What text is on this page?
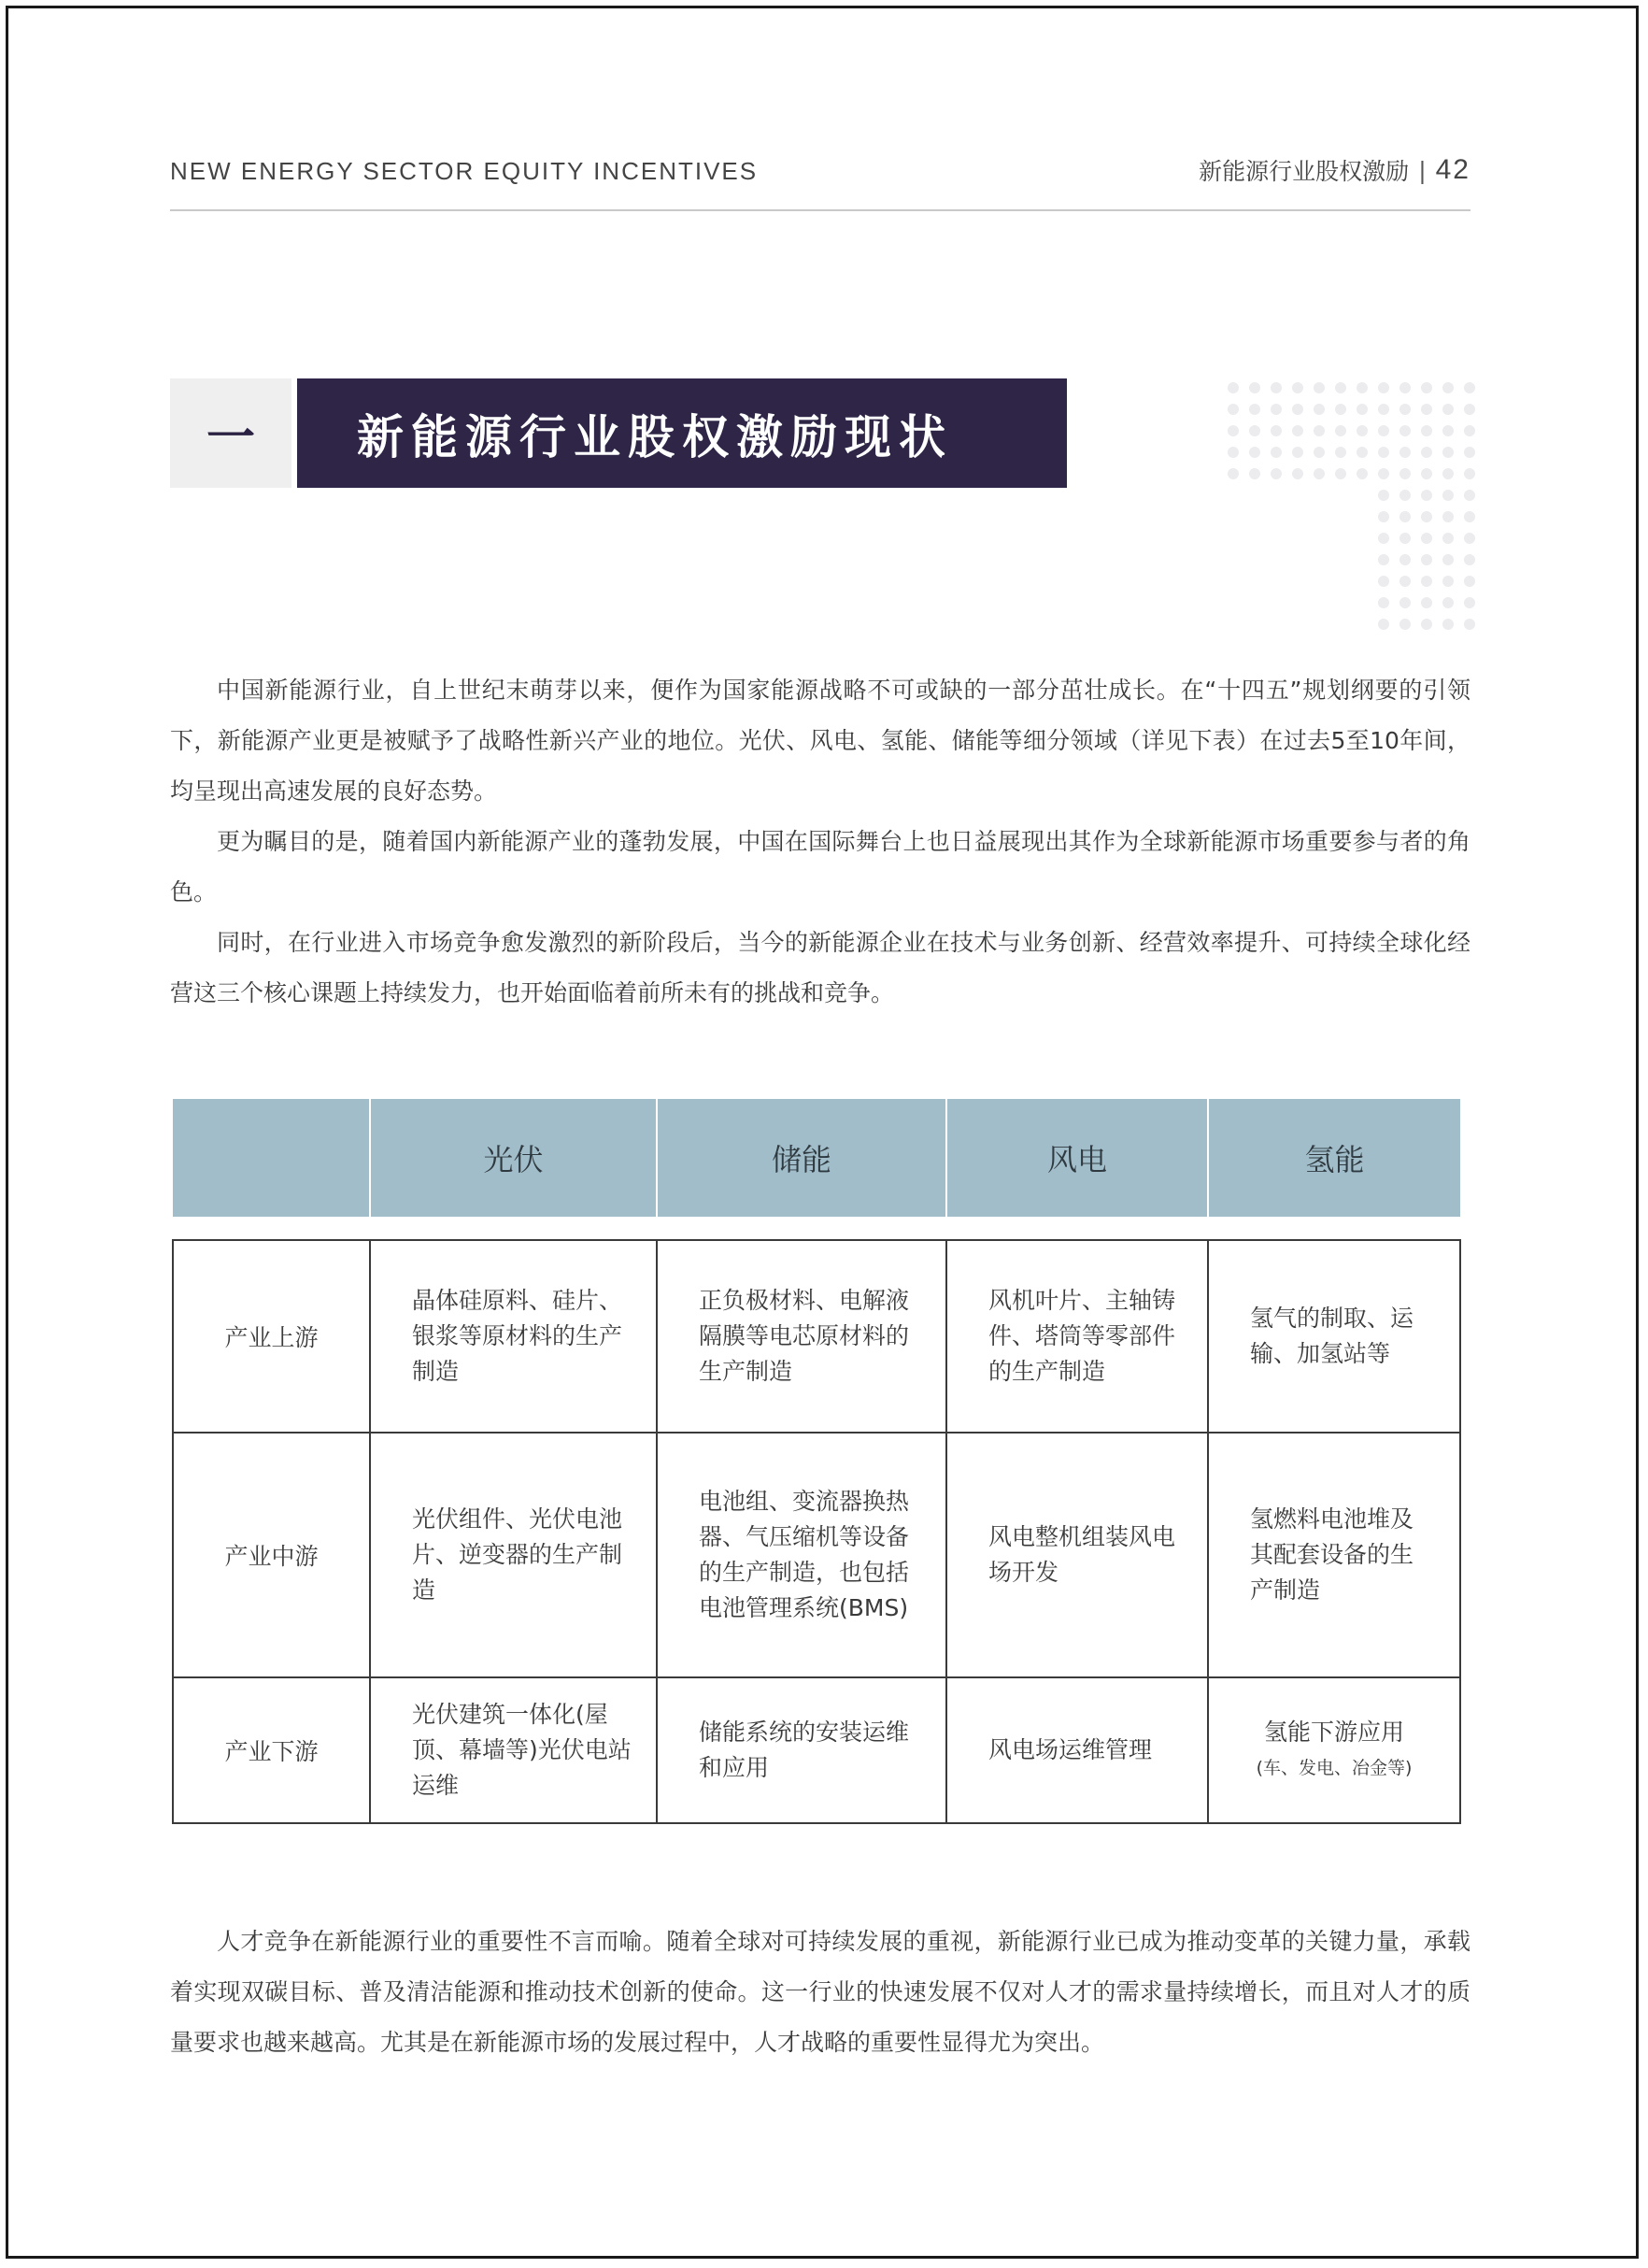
NEW ENERGY SECTOR EQUITY INCENTIVES	新能源行业股权激励 | 42
一	新能源行业股权激励现状

中国新能源行业，自上世纪末萌芽以来，便作为国家能源战略不可或缺的一部分茁壮成长。在“十四五”规划纲要的引领下，新能源产业更是被赋予了战略性新兴产业的地位。光伏、风电、氢能、储能等细分领域（详见下表）在过去5至10年间，均呈现出高速发展的良好态势。

更为瞩目的是，随着国内新能源产业的蓬勃发展，中国在国际舞台上也日益展现出其作为全球新能源市场重要参与者的角色。

同时，在行业进入市场竞争愈发激烈的新阶段后，当今的新能源企业在技术与业务创新、经营效率提升、可持续全球化经营这三个核心课题上持续发力，也开始面临着前所未有的挑战和竞争。

	光伏	储能	风电	氢能

产业上游	晶体硅原料、硅片、银浆等原材料的生产制造	正负极材料、电解液隔膜等电芯原材料的生产制造	风机叶片、主轴铸件、塔筒等零部件的生产制造	氢气的制取、运输、加氢站等
产业中游	光伏组件、光伏电池片、逆变器的生产制造	电池组、变流器换热器、气压缩机等设备的生产制造，也包括电池管理系统(BMS)	风电整机组装风电场开发	氢燃料电池堆及其配套设备的生产制造
产业下游	光伏建筑一体化(屋顶、幕墙等)光伏电站运维	储能系统的安装运维和应用	风电场运维管理	氢能下游应用
(车、发电、冶金等)

人才竞争在新能源行业的重要性不言而喻。随着全球对可持续发展的重视，新能源行业已成为推动变革的关键力量，承载着实现双碳目标、普及清洁能源和推动技术创新的使命。这一行业的快速发展不仅对人才的需求量持续增长，而且对人才的质量要求也越来越高。尤其是在新能源市场的发展过程中，人才战略的重要性显得尤为突出。
